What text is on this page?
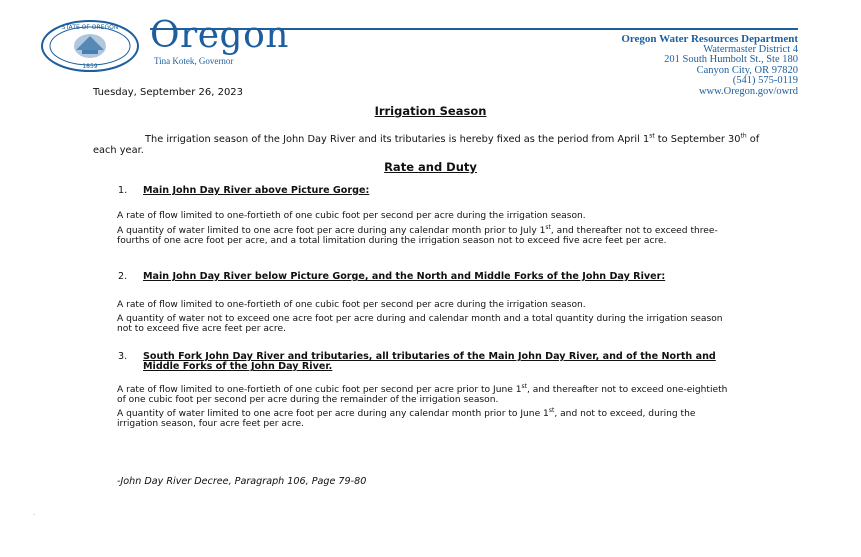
STATE OF OREGON
1859
Oregon
Tina Kotek, Governor
Oregon Water Resources Department
Watermaster District 4
201 South Humbolt St., Ste 180
Canyon City, OR 97820
(541) 575-0119
www.Oregon.gov/owrd
Tuesday, September 26, 2023
Irrigation Season
The irrigation season of the John Day River and its tributaries is hereby fixed as the period from April 1st to September 30th of each year.
Rate and Duty
1. Main John Day River above Picture Gorge:
A rate of flow limited to one-fortieth of one cubic foot per second per acre during the irrigation season.
A quantity of water limited to one acre foot per acre during any calendar month prior to July 1st, and thereafter not to exceed three-fourths of one acre foot per acre, and a total limitation during the irrigation season not to exceed five acre feet per acre.
2. Main John Day River below Picture Gorge, and the North and Middle Forks of the John Day River:
A rate of flow limited to one-fortieth of one cubic foot per second per acre during the irrigation season.
A quantity of water not to exceed one acre foot per acre during and calendar month and a total quantity during the irrigation season not to exceed five acre feet per acre.
3. South Fork John Day River and tributaries, all tributaries of the Main John Day River, and of the North and Middle Forks of the John Day River.
A rate of flow limited to one-fortieth of one cubic foot per second per acre prior to June 1st, and thereafter not to exceed one-eightieth of one cubic foot per second per acre during the remainder of the irrigation season.
A quantity of water limited to one acre foot per acre during any calendar month prior to June 1st, and not to exceed, during the irrigation season, four acre feet per acre.
-John Day River Decree, Paragraph 106, Page 79-80
.
